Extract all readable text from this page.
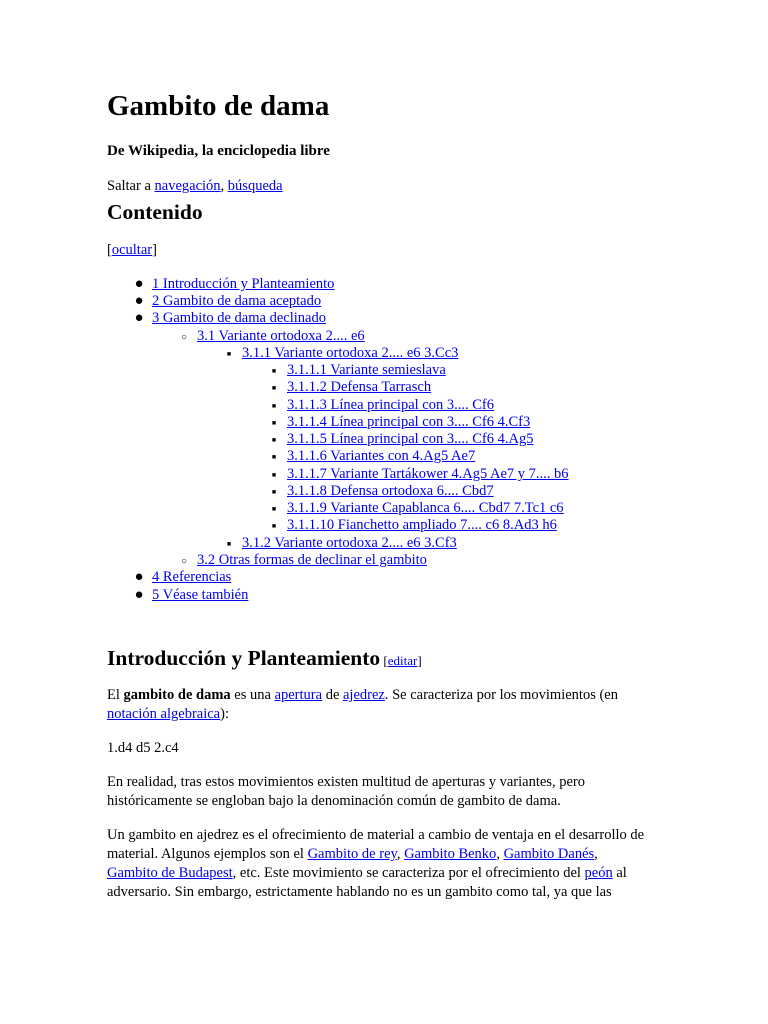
Gambito de dama
De Wikipedia, la enciclopedia libre
Saltar a navegación, búsqueda
Contenido
[ocultar]
● 1 Introducción y Planteamiento
● 2 Gambito de dama aceptado
● 3 Gambito de dama declinado
○ 3.1 Variante ortodoxa 2.... e6
■ 3.1.1 Variante ortodoxa 2.... e6 3.Cc3
■ 3.1.1.1 Variante semieslava
■ 3.1.1.2 Defensa Tarrasch
■ 3.1.1.3 Línea principal con 3.... Cf6
■ 3.1.1.4 Línea principal con 3.... Cf6 4.Cf3
■ 3.1.1.5 Línea principal con 3.... Cf6 4.Ag5
■ 3.1.1.6 Variantes con 4.Ag5 Ae7
■ 3.1.1.7 Variante Tartákower 4.Ag5 Ae7 y 7.... b6
■ 3.1.1.8 Defensa ortodoxa 6.... Cbd7
■ 3.1.1.9 Variante Capablanca 6.... Cbd7 7.Tc1 c6
■ 3.1.1.10 Fianchetto ampliado 7.... c6 8.Ad3 h6
■ 3.1.2 Variante ortodoxa 2.... e6 3.Cf3
○ 3.2 Otras formas de declinar el gambito
● 4 Referencias
● 5 Véase también
Introducción y Planteamiento [editar]

El gambito de dama es una apertura de ajedrez. Se caracteriza por los movimientos (en notación algebraica):

1.d4 d5 2.c4

En realidad, tras estos movimientos existen multitud de aperturas y variantes, pero históricamente se engloban bajo la denominación común de gambito de dama.

Un gambito en ajedrez es el ofrecimiento de material a cambio de ventaja en el desarrollo de material. Algunos ejemplos son el Gambito de rey, Gambito Benko, Gambito Danés, Gambito de Budapest, etc. Este movimiento se caracteriza por el ofrecimiento del peón al adversario. Sin embargo, estrictamente hablando no es un gambito como tal, ya que las
